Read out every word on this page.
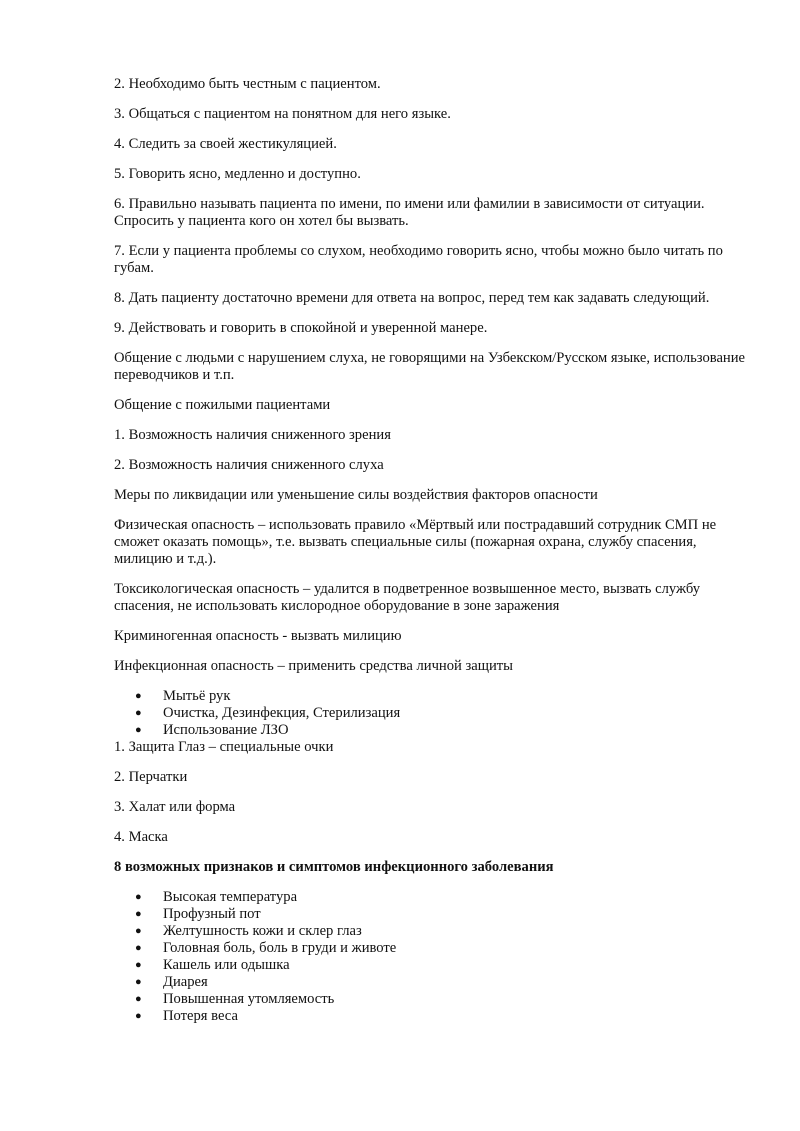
2. Необходимо быть честным с пациентом.

3. Общаться с пациентом на понятном для него языке.

4. Следить за своей жестикуляцией.

5. Говорить ясно, медленно и доступно.

6. Правильно называть пациента по имени, по имени или фамилии в зависимости от ситуации. Спросить у пациента кого он хотел бы вызвать.

7. Если у пациента проблемы со слухом, необходимо говорить ясно, чтобы можно было читать по губам.

8. Дать пациенту достаточно времени для ответа на вопрос, перед тем как задавать следующий.

9. Действовать и говорить в спокойной и уверенной манере.

Общение с людьми с нарушением слуха, не говорящими на Узбекском/Русском языке, использование переводчиков и т.п.

Общение с пожилыми пациентами

1. Возможность наличия сниженного зрения

2. Возможность наличия сниженного слуха

Меры по ликвидации или уменьшение силы воздействия факторов опасности

Физическая опасность – использовать правило «Мёртвый или пострадавший сотрудник СМП не сможет оказать помощь», т.е. вызвать специальные силы (пожарная охрана, службу спасения, милицию и т.д.).

Токсикологическая опасность – удалится в подветренное возвышенное место, вызвать службу спасения, не использовать кислородное оборудование в зоне заражения

Криминогенная опасность - вызвать милицию

Инфекционная опасность – применить средства личной защиты

● Мытьё рук
● Очистка, Дезинфекция, Стерилизация
● Использование ЛЗО

1. Защита Глаз – специальные очки

2. Перчатки

3. Халат или форма

4. Маска

8 возможных признаков и симптомов инфекционного заболевания

● Высокая температура
● Профузный пот
● Желтушность кожи и склер глаз
● Головная боль, боль в груди и животе
● Кашель или одышка
● Диарея
● Повышенная утомляемость
● Потеря веса
